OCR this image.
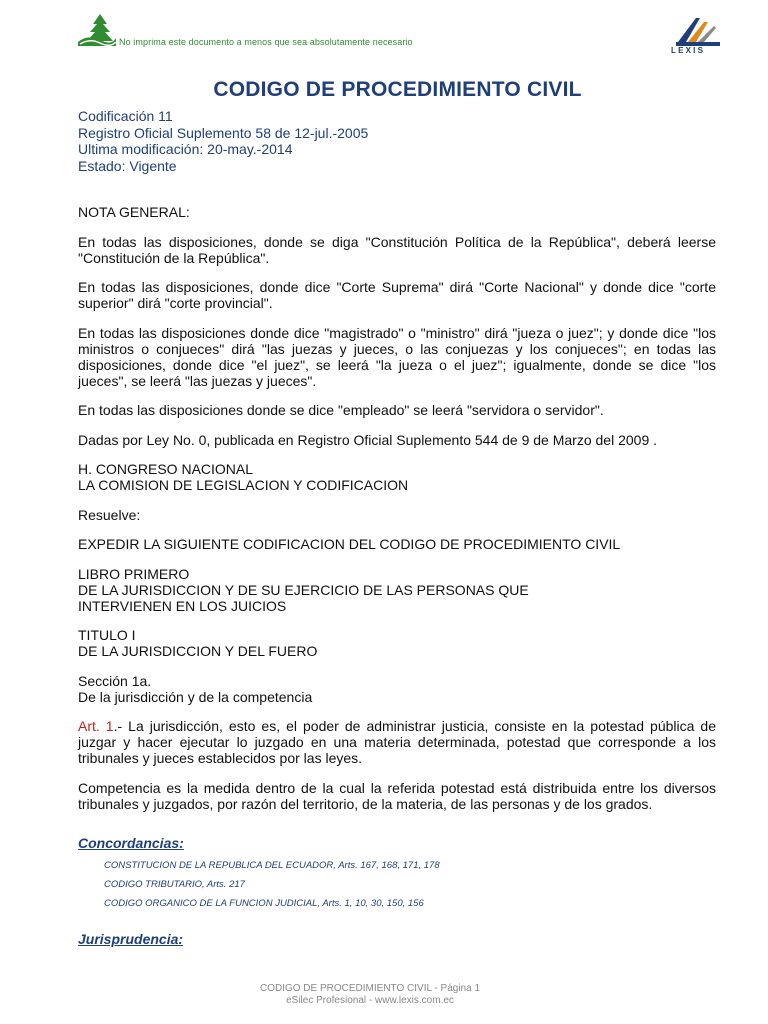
No imprima este documento a menos que sea absolutamente necesario
LEXIS
CODIGO DE PROCEDIMIENTO CIVIL
Codificación 11
Registro Oficial Suplemento 58 de 12-jul.-2005
Ultima modificación: 20-may.-2014
Estado: Vigente

NOTA GENERAL:

En todas las disposiciones, donde se diga "Constitución Política de la República", deberá leerse "Constitución de la República".

En todas las disposiciones, donde dice "Corte Suprema" dirá "Corte Nacional" y donde dice "corte superior" dirá "corte provincial".

En todas las disposiciones donde dice "magistrado" o "ministro" dirá "jueza o juez"; y donde dice "los ministros o conjueces" dirá "las juezas y jueces, o las conjuezas y los conjueces"; en todas las disposiciones, donde dice "el juez", se leerá "la jueza o el juez"; igualmente, donde se dice "los jueces", se leerá "las juezas y jueces".

En todas las disposiciones donde se dice "empleado" se leerá "servidora o servidor".

Dadas por Ley No. 0, publicada en Registro Oficial Suplemento 544 de 9 de Marzo del 2009 .

H. CONGRESO NACIONAL
LA COMISION DE LEGISLACION Y CODIFICACION

Resuelve:

EXPEDIR LA SIGUIENTE CODIFICACION DEL CODIGO DE PROCEDIMIENTO CIVIL

LIBRO PRIMERO
DE LA JURISDICCION Y DE SU EJERCICIO DE LAS PERSONAS QUE
INTERVIENEN EN LOS JUICIOS

TITULO I
DE LA JURISDICCION Y DEL FUERO

Sección 1a.
De la jurisdicción y de la competencia

Art. 1.- La jurisdicción, esto es, el poder de administrar justicia, consiste en la potestad pública de juzgar y hacer ejecutar lo juzgado en una materia determinada, potestad que corresponde a los tribunales y jueces establecidos por las leyes.

Competencia es la medida dentro de la cual la referida potestad está distribuida entre los diversos tribunales y juzgados, por razón del territorio, de la materia, de las personas y de los grados.

Concordancias:
CONSTITUCION DE LA REPUBLICA DEL ECUADOR, Arts. 167, 168, 171, 178
CODIGO TRIBUTARIO, Arts. 217
CODIGO ORGANICO DE LA FUNCION JUDICIAL, Arts. 1, 10, 30, 150, 156
Jurisprudencia:
CODIGO DE PROCEDIMIENTO CIVIL - Página 1
eSilec Profesional - www.lexis.com.ec
